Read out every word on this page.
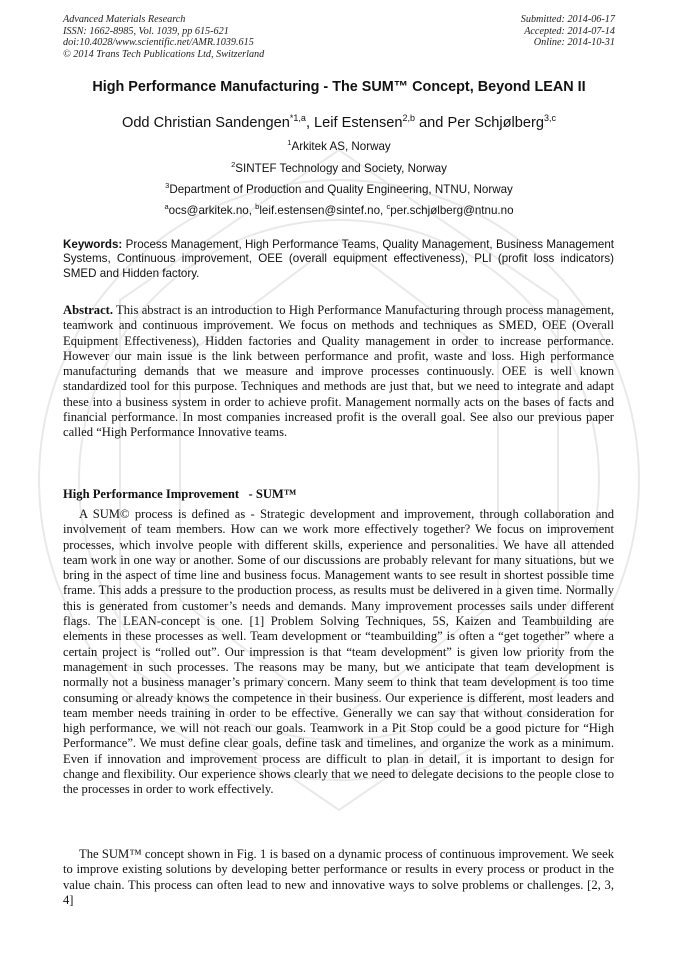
Advanced Materials Research
ISSN: 1662-8985, Vol. 1039, pp 615-621
doi:10.4028/www.scientific.net/AMR.1039.615
© 2014 Trans Tech Publications Ltd, Switzerland
Submitted: 2014-06-17
Accepted: 2014-07-14
Online: 2014-10-31
High Performance Manufacturing - The SUM™ Concept, Beyond LEAN II
Odd Christian Sandengen$^{*1,a}$, Leif Estensen$^{2,b}$ and Per Schjølberg$^{3,c}$
$^1$Arkitek AS, Norway
$^2$SINTEF Technology and Society, Norway
$^3$Department of Production and Quality Engineering, NTNU, Norway
$^a$ocs@arkitek.no, $^b$leif.estensen@sintef.no, $^c$per.schjølberg@ntnu.no
Keywords: Process Management, High Performance Teams, Quality Management, Business Management Systems, Continuous improvement, OEE (overall equipment effectiveness), PLI (profit loss indicators) SMED and Hidden factory.
Abstract. This abstract is an introduction to High Performance Manufacturing through process management, teamwork and continuous improvement. We focus on methods and techniques as SMED, OEE (Overall Equipment Effectiveness), Hidden factories and Quality management in order to increase performance. However our main issue is the link between performance and profit, waste and loss. High performance manufacturing demands that we measure and improve processes continuously. OEE is well known standardized tool for this purpose. Techniques and methods are just that, but we need to integrate and adapt these into a business system in order to achieve profit. Management normally acts on the bases of facts and financial performance. In most companies increased profit is the overall goal. See also our previous paper called “High Performance Innovative teams.
High Performance Improvement   - SUM™
A SUM© process is defined as - Strategic development and improvement, through collaboration and involvement of team members. How can we work more effectively together? We focus on improvement processes, which involve people with different skills, experience and personalities. We have all attended team work in one way or another. Some of our discussions are probably relevant for many situations, but we bring in the aspect of time line and business focus. Management wants to see result in shortest possible time frame. This adds a pressure to the production process, as results must be delivered in a given time. Normally this is generated from customer’s needs and demands. Many improvement processes sails under different flags. The LEAN-concept is one. [1] Problem Solving Techniques, 5S, Kaizen and Teambuilding are elements in these processes as well. Team development or “teambuilding” is often a “get together” where a certain project is “rolled out”. Our impression is that “team development” is given low priority from the management in such processes. The reasons may be many, but we anticipate that team development is normally not a business manager’s primary concern. Many seem to think that team development is too time consuming or already knows the competence in their business. Our experience is different, most leaders and team member needs training in order to be effective. Generally we can say that without consideration for high performance, we will not reach our goals. Teamwork in a Pit Stop could be a good picture for “High Performance”. We must define clear goals, define task and timelines, and organize the work as a minimum. Even if innovation and improvement process are difficult to plan in detail, it is important to design for change and flexibility. Our experience shows clearly that we need to delegate decisions to the people close to the processes in order to work effectively.
The SUM™ concept shown in Fig. 1 is based on a dynamic process of continuous improvement. We seek to improve existing solutions by developing better performance or results in every process or product in the value chain. This process can often lead to new and innovative ways to solve problems or challenges. [2, 3, 4]
